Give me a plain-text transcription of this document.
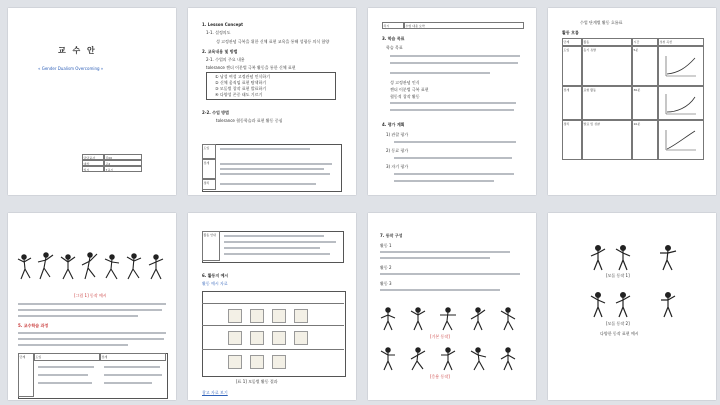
교 수 안
« Gender Dualism Overcoming »
담당교사	김00
대상	고2
일시	7교시
1. Lesson Concept
1-1. 설정의도
성 고정관념 극복을 위한 신체 표현 교육을 통해 성평등 의식 함양
2. 교육내용 및 방법
2-1. 수업의 주요 내용
tolerance 젠더 이분법 극복 활동을 통한 신체 표현
① 남성 여성 고정관념 인식하기
② 신체 움직임 표현 탐색하기
③ 모둠별 창작 표현 발표하기
④ 다양성 존중 태도 기르기
2-2. 수업 방법
tolerance 협동학습과 표현 활동 중심
도입
전개
정리
차시	수업 내용 요약
3. 학습 목표
학습 목표
성 고정관념 인식
젠더 이분법 극복 표현
협동적 창작 활동
4. 평가 계획
1) 관찰 평가
2) 동료 평가
3) 자기 평가
수업 단계별 활동 흐름표
활동 흐름
단계	활동	시간	성취 곡선
도입	동기 유발	5분
전개	표현 활동	30분
정리	발표 및 성찰	10분
[그림 1] 동작 예시
5. 교수학습 과정
단계	도입	전개
활동 안내
6. 활동지 예시
활동 예시 자료
[표 1] 모둠별 활동 결과
참고 자료 보기
7. 동작 구성
활동 1
활동 2
활동 3
[기본 동작]
[응용 동작]
[모둠 동작 1]
[모둠 동작 2]
다양한 동작 표현 예시
